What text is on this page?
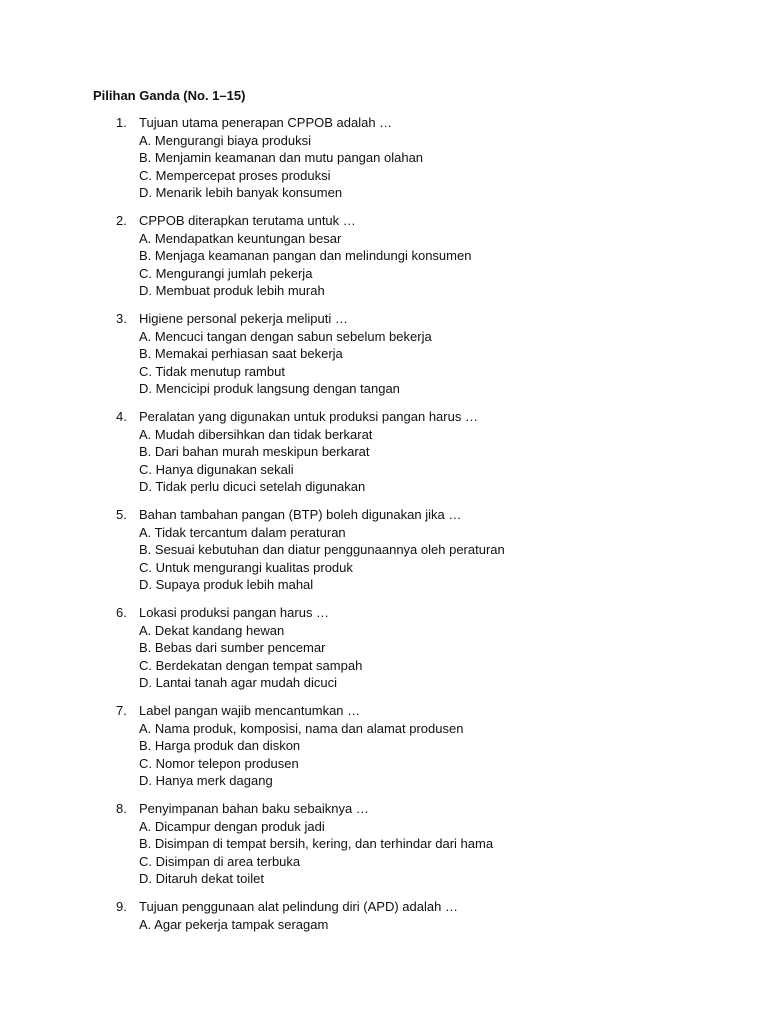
Pilihan Ganda (No. 1–15)
1. Tujuan utama penerapan CPPOB adalah …
A. Mengurangi biaya produksi
B. Menjamin keamanan dan mutu pangan olahan
C. Mempercepat proses produksi
D. Menarik lebih banyak konsumen
2. CPPOB diterapkan terutama untuk …
A. Mendapatkan keuntungan besar
B. Menjaga keamanan pangan dan melindungi konsumen
C. Mengurangi jumlah pekerja
D. Membuat produk lebih murah
3. Higiene personal pekerja meliputi …
A. Mencuci tangan dengan sabun sebelum bekerja
B. Memakai perhiasan saat bekerja
C. Tidak menutup rambut
D. Mencicipi produk langsung dengan tangan
4. Peralatan yang digunakan untuk produksi pangan harus …
A. Mudah dibersihkan dan tidak berkarat
B. Dari bahan murah meskipun berkarat
C. Hanya digunakan sekali
D. Tidak perlu dicuci setelah digunakan
5. Bahan tambahan pangan (BTP) boleh digunakan jika …
A. Tidak tercantum dalam peraturan
B. Sesuai kebutuhan dan diatur penggunaannya oleh peraturan
C. Untuk mengurangi kualitas produk
D. Supaya produk lebih mahal
6. Lokasi produksi pangan harus …
A. Dekat kandang hewan
B. Bebas dari sumber pencemar
C. Berdekatan dengan tempat sampah
D. Lantai tanah agar mudah dicuci
7. Label pangan wajib mencantumkan …
A. Nama produk, komposisi, nama dan alamat produsen
B. Harga produk dan diskon
C. Nomor telepon produsen
D. Hanya merk dagang
8. Penyimpanan bahan baku sebaiknya …
A. Dicampur dengan produk jadi
B. Disimpan di tempat bersih, kering, dan terhindar dari hama
C. Disimpan di area terbuka
D. Ditaruh dekat toilet
9. Tujuan penggunaan alat pelindung diri (APD) adalah …
A. Agar pekerja tampak seragam
